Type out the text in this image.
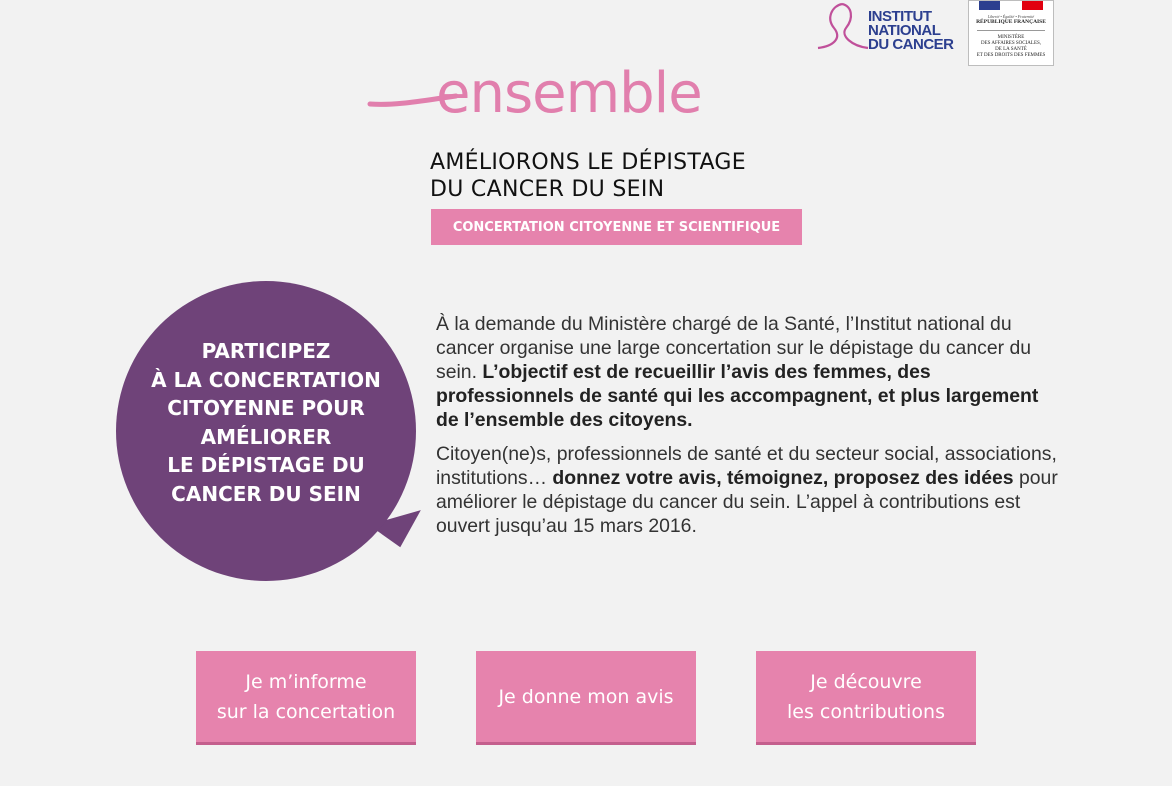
INSTITUT
NATIONAL
DU CANCER
Liberté • Égalité • Fraternité
RÉPUBLIQUE FRANÇAISE
MINISTÈRE
DES AFFAIRES SOCIALES,
DE LA SANTÉ
ET DES DROITS DES FEMMES
ensemble
AMÉLIORONS LE DÉPISTAGE
DU CANCER DU SEIN
CONCERTATION CITOYENNE ET SCIENTIFIQUE
PARTICIPEZ
À LA CONCERTATION
CITOYENNE POUR
AMÉLIORER
LE DÉPISTAGE DU
CANCER DU SEIN

À la demande du Ministère chargé de la Santé, l’Institut national du cancer organise une large concertation sur le dépistage du cancer du sein. L’objectif est de recueillir l’avis des femmes, des professionnels de santé qui les accompagnent, et plus largement de l’ensemble des citoyens.

Citoyen(ne)s, professionnels de santé et du secteur social, associations, institutions… donnez votre avis, témoignez, proposez des idées pour améliorer le dépistage du cancer du sein. L’appel à contributions est ouvert jusqu’au 15 mars 2016.

Je m’informe
sur la concertation
Je donne mon avis
Je découvre
les contributions
